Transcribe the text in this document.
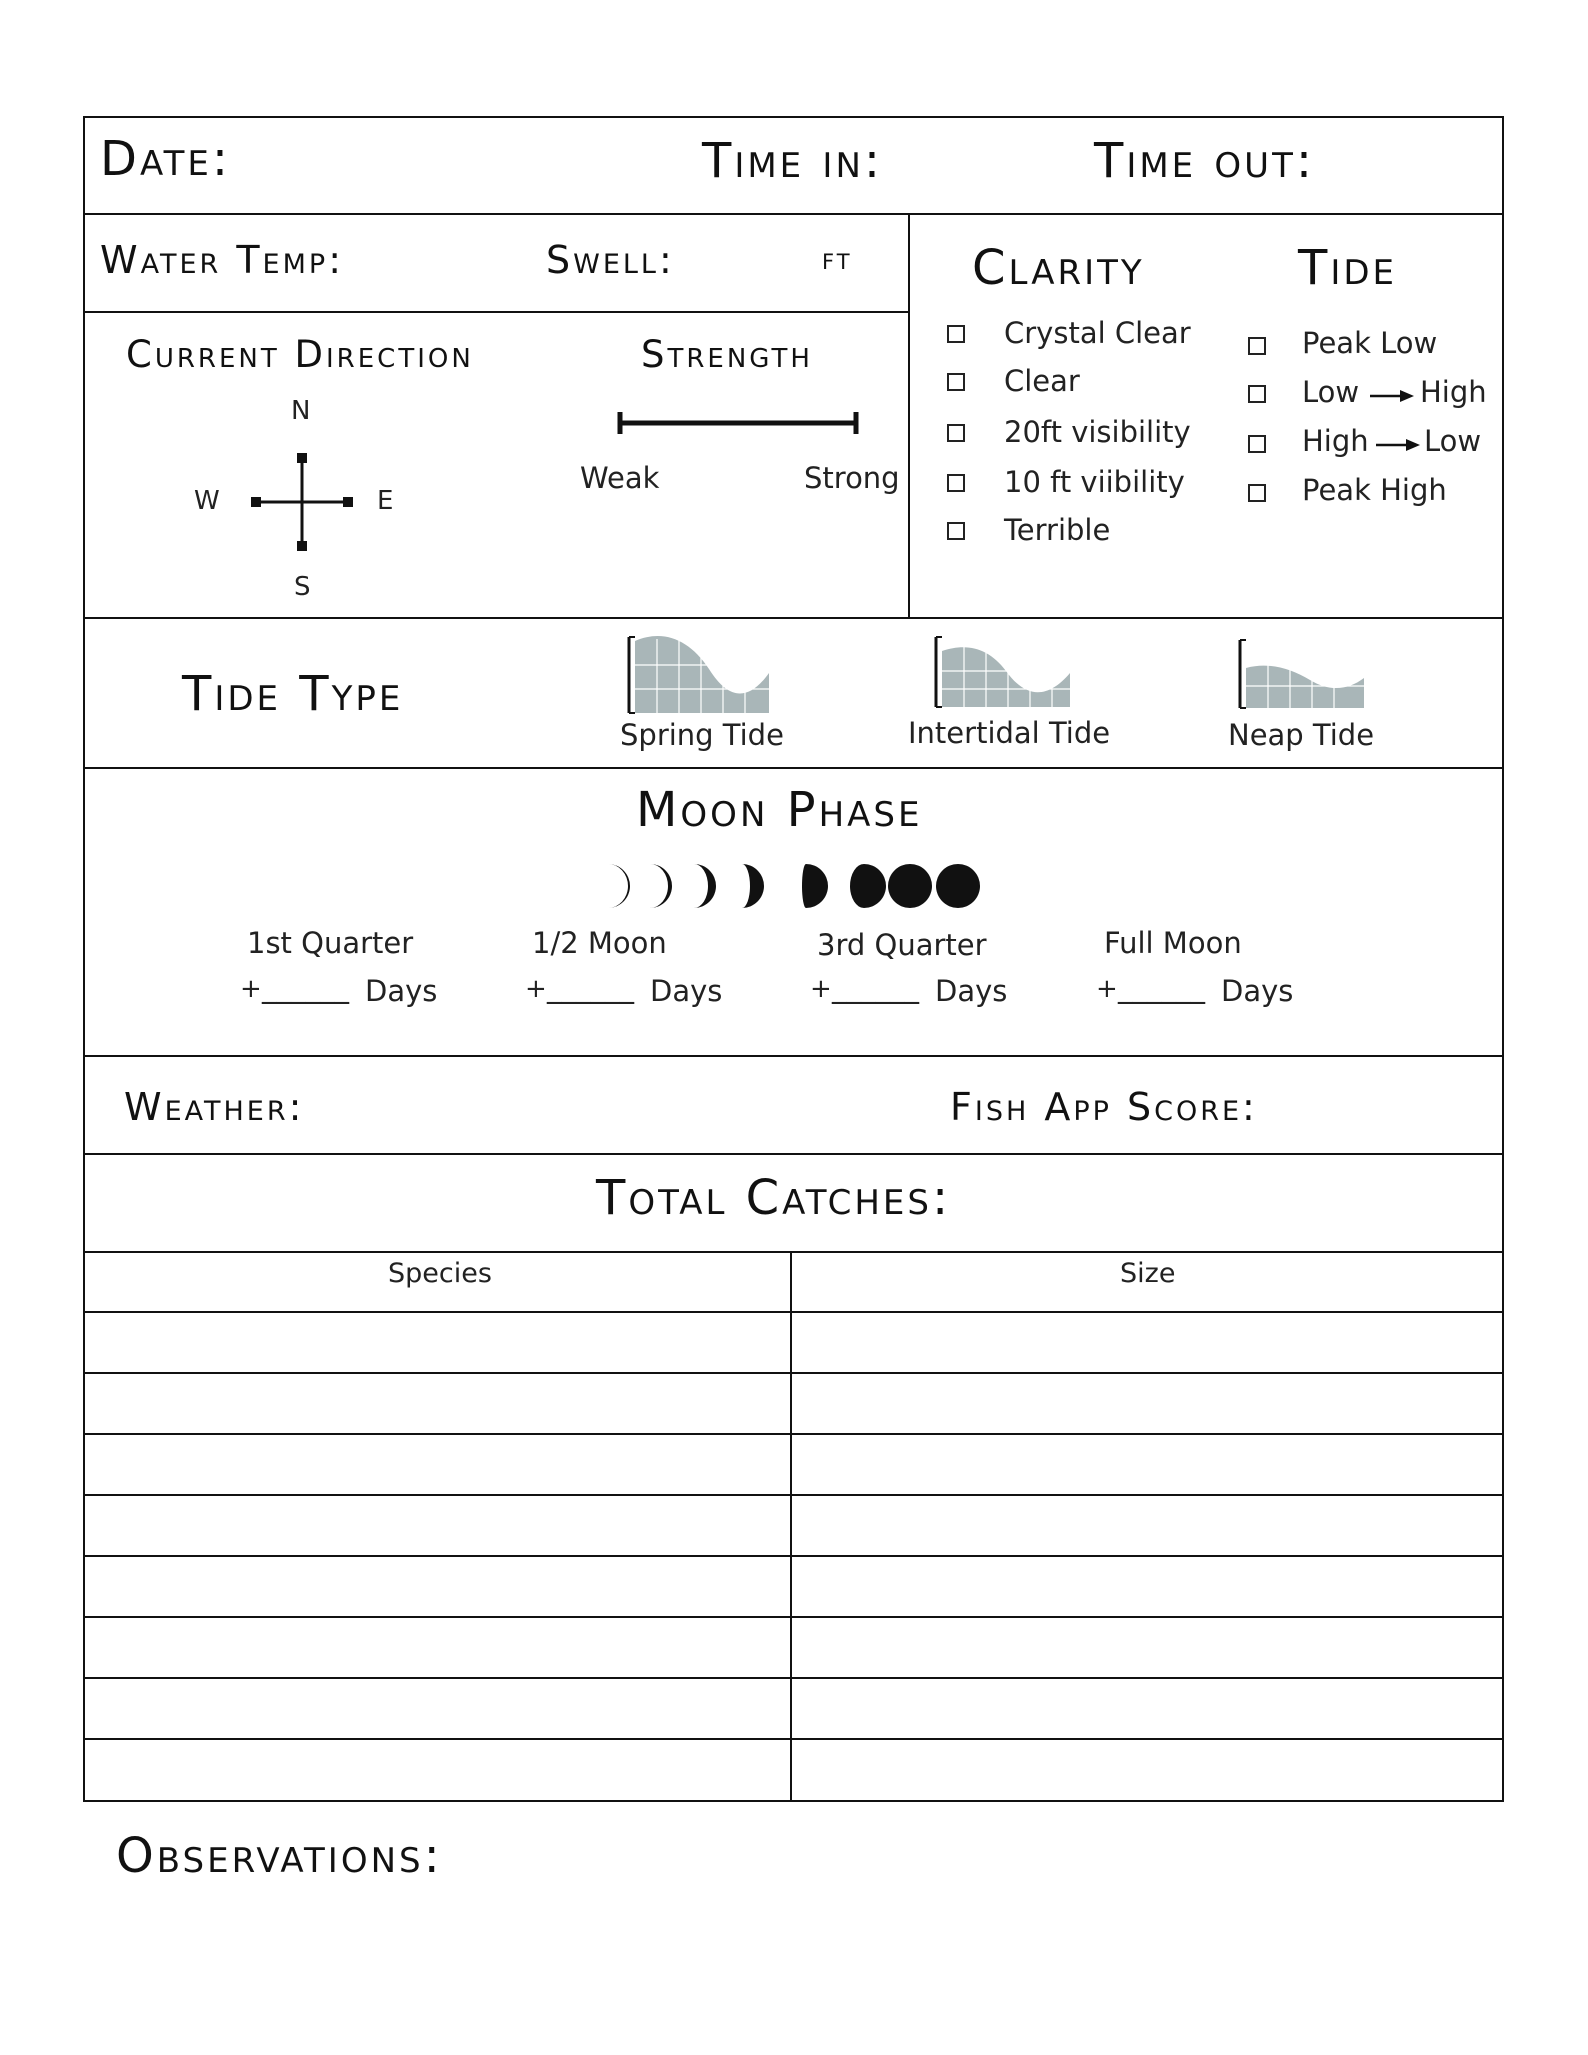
Date:	Time in:	Time out:
Water Temp:	Swell:	ft
Current Direction
N
W	E
S
Strength
Weak	Strong
Clarity
Crystal Clear
Clear
20ft visibility
10 ft viibility
Terrible
Tide
Peak Low
Low High
High Low
Peak High
Tide Type
Spring Tide	Intertidal Tide	Neap Tide
Moon Phase
1st Quarter
+ ______ Days
1/2 Moon
+ ______ Days
3rd Quarter
+ ______ Days
Full Moon
+ ______ Days
Weather:	Fish App Score:
Total Catches:
Species	Size
Observations:
